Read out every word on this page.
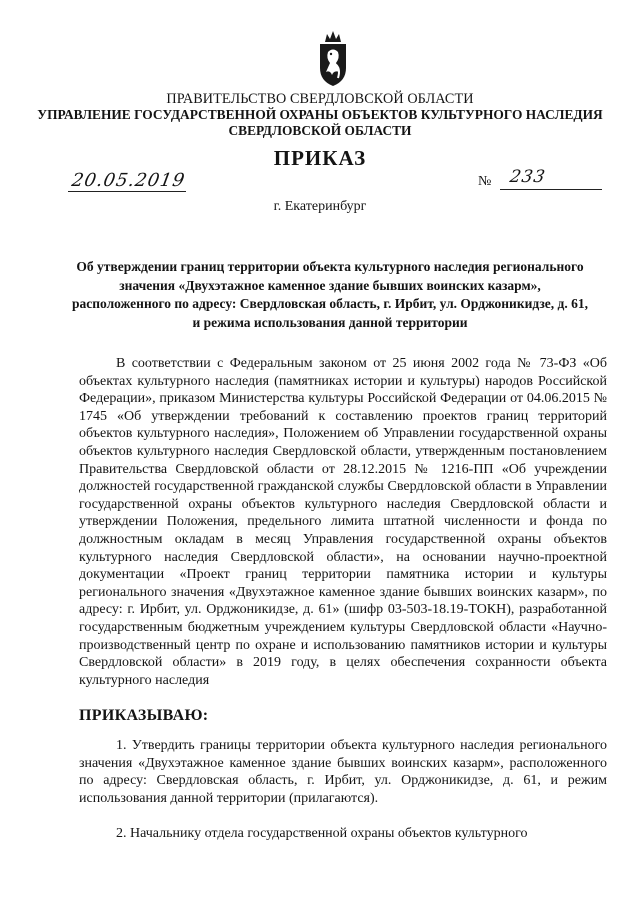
ПРАВИТЕЛЬСТВО СВЕРДЛОВСКОЙ ОБЛАСТИ
УПРАВЛЕНИЕ ГОСУДАРСТВЕННОЙ ОХРАНЫ ОБЪЕКТОВ КУЛЬТУРНОГО НАСЛЕДИЯ СВЕРДЛОВСКОЙ ОБЛАСТИ
ПРИКАЗ
20.05.2019	№ 233
г. Екатеринбург
Об утверждении границ территории объекта культурного наследия регионального значения «Двухэтажное каменное здание бывших воинских казарм», расположенного по адресу: Свердловская область, г. Ирбит, ул. Орджоникидзе, д. 61, и режима использования данной территории
В соответствии с Федеральным законом от 25 июня 2002 года № 73-ФЗ «Об объектах культурного наследия (памятниках истории и культуры) народов Российской Федерации», приказом Министерства культуры Российской Федерации от 04.06.2015 № 1745 «Об утверждении требований к составлению проектов границ территорий объектов культурного наследия», Положением об Управлении государственной охраны объектов культурного наследия Свердловской области, утвержденным постановлением Правительства Свердловской области от 28.12.2015 № 1216-ПП «Об учреждении должностей государственной гражданской службы Свердловской области в Управлении государственной охраны объектов культурного наследия Свердловской области и утверждении Положения, предельного лимита штатной численности и фонда по должностным окладам в месяц Управления государственной охраны объектов культурного наследия Свердловской области», на основании научно-проектной документации «Проект границ территории памятника истории и культуры регионального значения «Двухэтажное каменное здание бывших воинских казарм», по адресу: г. Ирбит, ул. Орджоникидзе, д. 61» (шифр 03-503-18.19-ТОКН), разработанной государственным бюджетным учреждением культуры Свердловской области «Научно-производственный центр по охране и использованию памятников истории и культуры Свердловской области» в 2019 году, в целях обеспечения сохранности объекта культурного наследия
ПРИКАЗЫВАЮ:
1. Утвердить границы территории объекта культурного наследия регионального значения «Двухэтажное каменное здание бывших воинских казарм», расположенного по адресу: Свердловская область, г. Ирбит, ул. Орджоникидзе, д. 61, и режим использования данной территории (прилагаются).
2. Начальнику отдела государственной охраны объектов культурного
